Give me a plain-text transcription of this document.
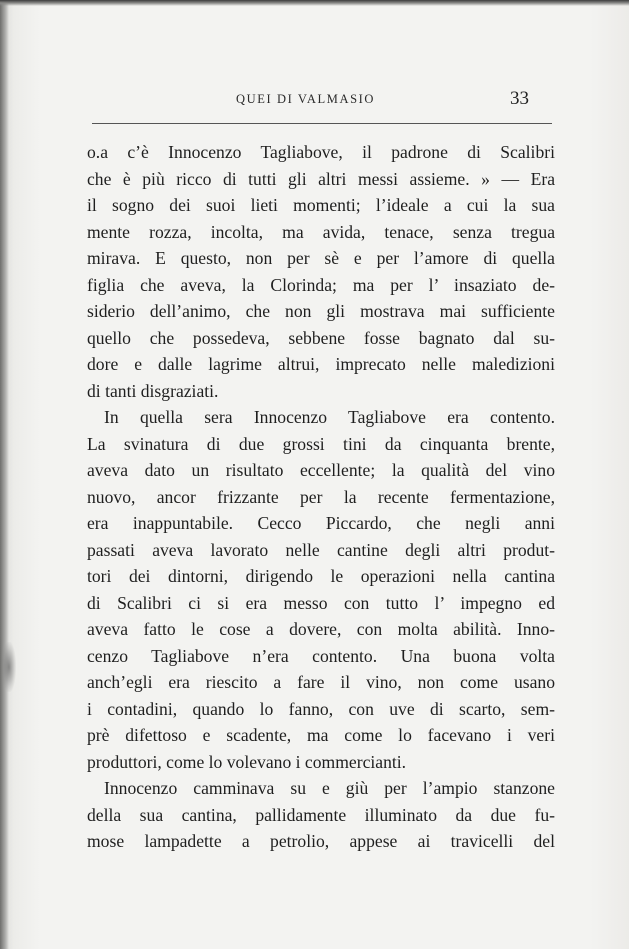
QUEI DI VALMASIO	33
o.a c’è Innocenzo Tagliabove, il padrone di Scalibri
che è più ricco di tutti gli altri messi assieme. » — Era
il sogno dei suoi lieti momenti; l’ideale a cui la sua
mente rozza, incolta, ma avida, tenace, senza tregua
mirava. E questo, non per sè e per l’amore di quella
figlia che aveva, la Clorinda; ma per l’ insaziato de-
siderio dell’animo, che non gli mostrava mai sufficiente
quello che possedeva, sebbene fosse bagnato dal su-
dore e dalle lagrime altrui, imprecato nelle maledizioni
di tanti disgraziati.
In quella sera Innocenzo Tagliabove era contento.
La svinatura di due grossi tini da cinquanta brente,
aveva dato un risultato eccellente; la qualità del vino
nuovo, ancor frizzante per la recente fermentazione,
era inappuntabile. Cecco Piccardo, che negli anni
passati aveva lavorato nelle cantine degli altri produt-
tori dei dintorni, dirigendo le operazioni nella cantina
di Scalibri ci si era messo con tutto l’ impegno ed
aveva fatto le cose a dovere, con molta abilità. Inno-
cenzo Tagliabove n’era contento. Una buona volta
anch’egli era riescito a fare il vino, non come usano
i contadini, quando lo fanno, con uve di scarto, sem-
prè difettoso e scadente, ma come lo facevano i veri
produttori, come lo volevano i commercianti.
Innocenzo camminava su e giù per l’ampio stanzone
della sua cantina, pallidamente illuminato da due fu-
mose lampadette a petrolio, appese ai travicelli del
